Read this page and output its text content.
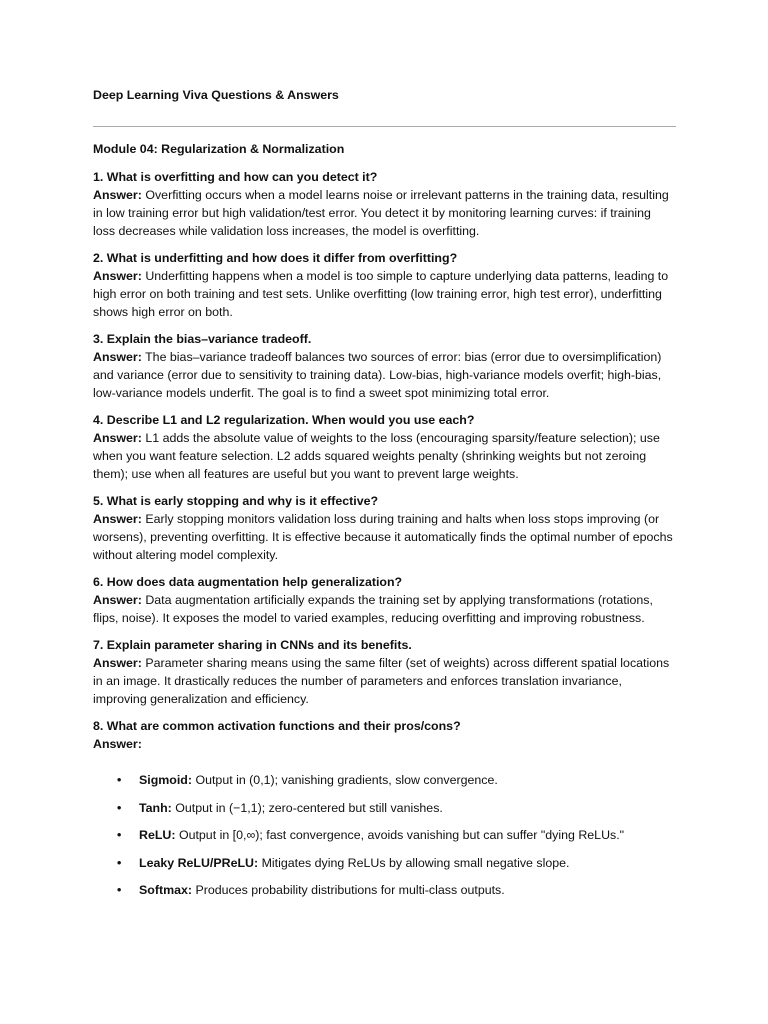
Deep Learning Viva Questions & Answers
Module 04: Regularization & Normalization
1. What is overfitting and how can you detect it?
Answer: Overfitting occurs when a model learns noise or irrelevant patterns in the training data, resulting in low training error but high validation/test error. You detect it by monitoring learning curves: if training loss decreases while validation loss increases, the model is overfitting.
2. What is underfitting and how does it differ from overfitting?
Answer: Underfitting happens when a model is too simple to capture underlying data patterns, leading to high error on both training and test sets. Unlike overfitting (low training error, high test error), underfitting shows high error on both.
3. Explain the bias–variance tradeoff.
Answer: The bias–variance tradeoff balances two sources of error: bias (error due to oversimplification) and variance (error due to sensitivity to training data). Low-bias, high-variance models overfit; high-bias, low-variance models underfit. The goal is to find a sweet spot minimizing total error.
4. Describe L1 and L2 regularization. When would you use each?
Answer: L1 adds the absolute value of weights to the loss (encouraging sparsity/feature selection); use when you want feature selection. L2 adds squared weights penalty (shrinking weights but not zeroing them); use when all features are useful but you want to prevent large weights.
5. What is early stopping and why is it effective?
Answer: Early stopping monitors validation loss during training and halts when loss stops improving (or worsens), preventing overfitting. It is effective because it automatically finds the optimal number of epochs without altering model complexity.
6. How does data augmentation help generalization?
Answer: Data augmentation artificially expands the training set by applying transformations (rotations, flips, noise). It exposes the model to varied examples, reducing overfitting and improving robustness.
7. Explain parameter sharing in CNNs and its benefits.
Answer: Parameter sharing means using the same filter (set of weights) across different spatial locations in an image. It drastically reduces the number of parameters and enforces translation invariance, improving generalization and efficiency.
8. What are common activation functions and their pros/cons?
Answer:
• Sigmoid: Output in (0,1); vanishing gradients, slow convergence.
• Tanh: Output in (−1,1); zero-centered but still vanishes.
• ReLU: Output in [0,∞); fast convergence, avoids vanishing but can suffer "dying ReLUs."
• Leaky ReLU/PReLU: Mitigates dying ReLUs by allowing small negative slope.
• Softmax: Produces probability distributions for multi-class outputs.
